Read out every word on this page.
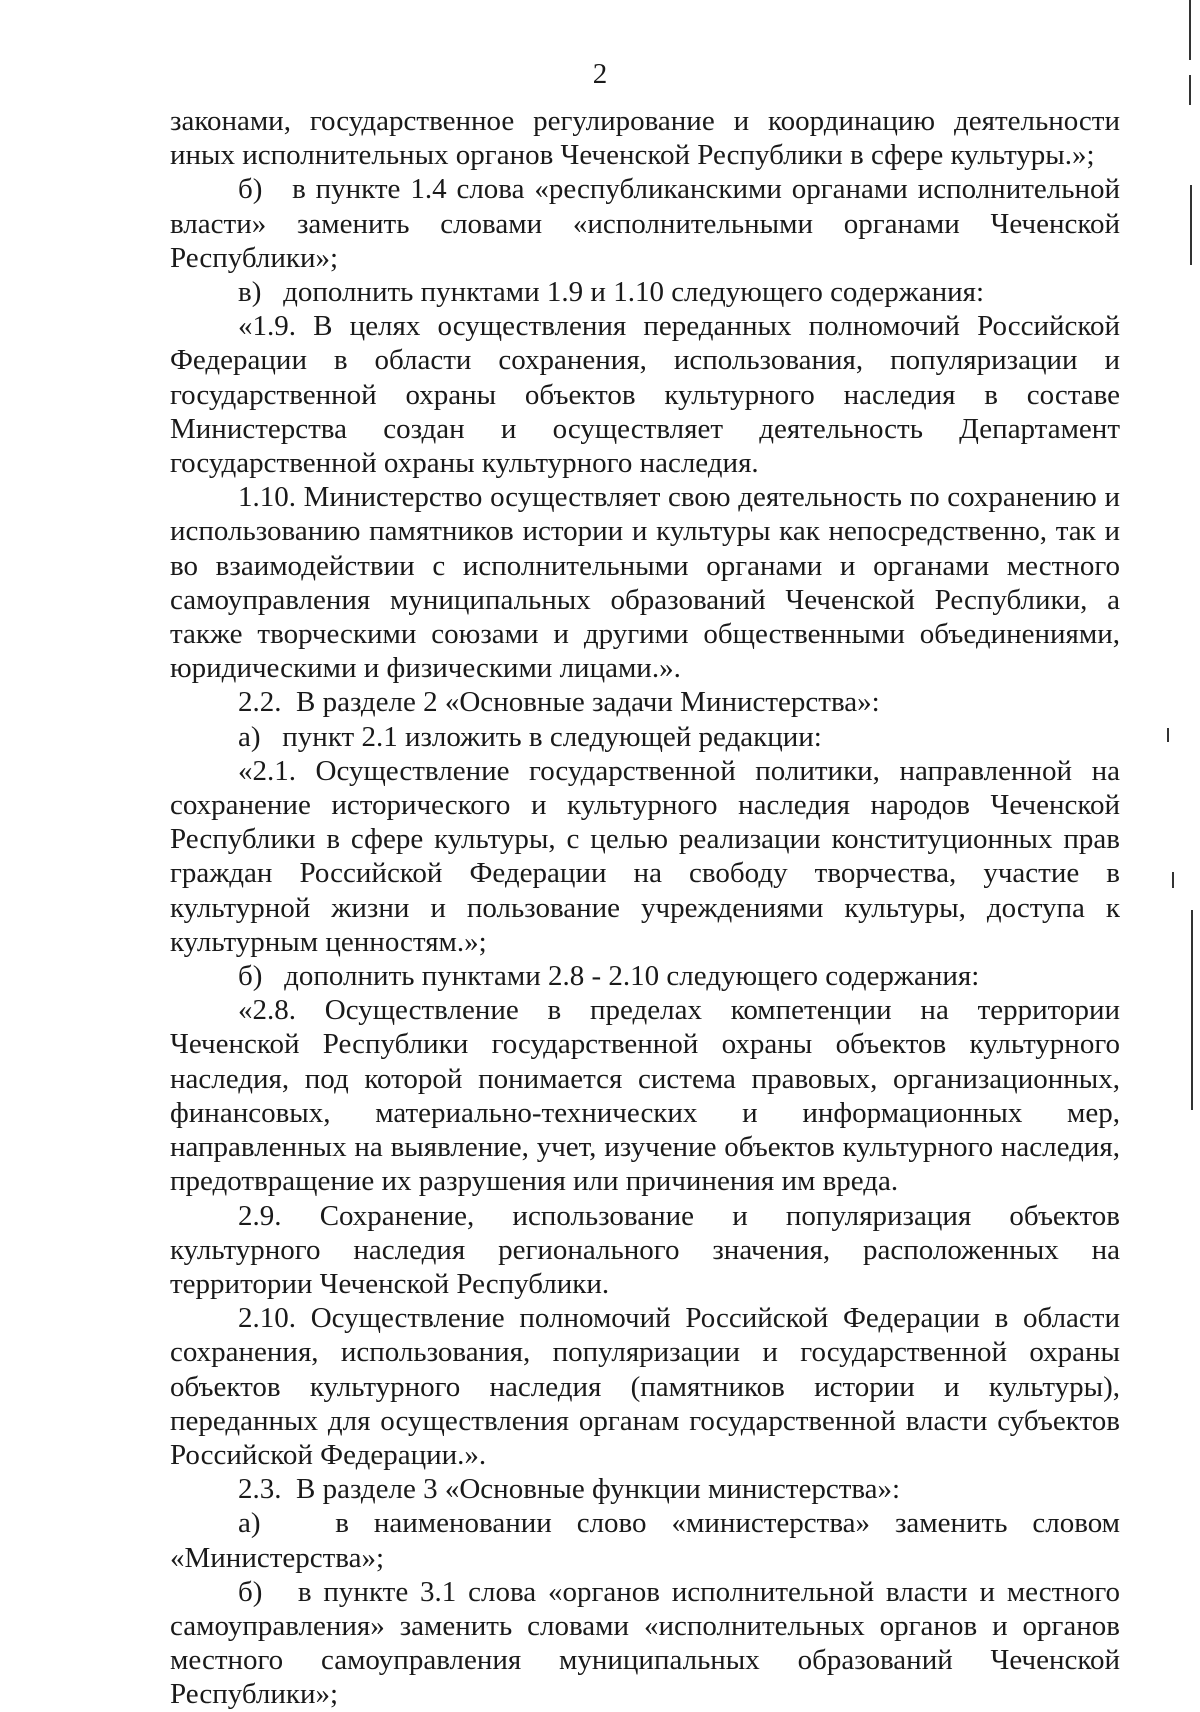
2

законами, государственное регулирование и координацию деятельности иных исполнительных органов Чеченской Республики в сфере культуры.»;

б)   в пункте 1.4 слова «республиканскими органами исполнительной власти» заменить словами «исполнительными органами Чеченской Республики»;

в)   дополнить пунктами 1.9 и 1.10 следующего содержания:

«1.9. В целях осуществления переданных полномочий Российской Федерации в области сохранения, использования, популяризации и государственной охраны объектов культурного наследия в составе Министерства создан и осуществляет деятельность Департамент государственной охраны культурного наследия.

1.10. Министерство осуществляет свою деятельность по сохранению и использованию памятников истории и культуры как непосредственно, так и во взаимодействии с исполнительными органами и органами местного самоуправления муниципальных образований Чеченской Республики, а также творческими союзами и другими общественными объединениями, юридическими и физическими лицами.».

2.2.  В разделе 2 «Основные задачи Министерства»:

а)   пункт 2.1 изложить в следующей редакции:

«2.1. Осуществление государственной политики, направленной на сохранение исторического и культурного наследия народов Чеченской Республики в сфере культуры, с целью реализации конституционных прав граждан Российской Федерации на свободу творчества, участие в культурной жизни и пользование учреждениями культуры, доступа к культурным ценностям.»;

б)   дополнить пунктами 2.8 - 2.10 следующего содержания:

«2.8. Осуществление в пределах компетенции на территории Чеченской Республики государственной охраны объектов культурного наследия, под которой понимается система правовых, организационных, финансовых, материально-технических и информационных мер, направленных на выявление, учет, изучение объектов культурного наследия, предотвращение их разрушения или причинения им вреда.

2.9. Сохранение, использование и популяризация объектов культурного наследия регионального значения, расположенных на территории Чеченской Республики.

2.10. Осуществление полномочий Российской Федерации в области сохранения, использования, популяризации и государственной охраны объектов культурного наследия (памятников истории и культуры), переданных для осуществления органам государственной власти субъектов Российской Федерации.».

2.3.  В разделе 3 «Основные функции министерства»:

а)   в наименовании слово «министерства» заменить словом «Министерства»;

б)   в пункте 3.1 слова «органов исполнительной власти и местного самоуправления» заменить словами «исполнительных органов и органов местного самоуправления муниципальных образований Чеченской Республики»;
